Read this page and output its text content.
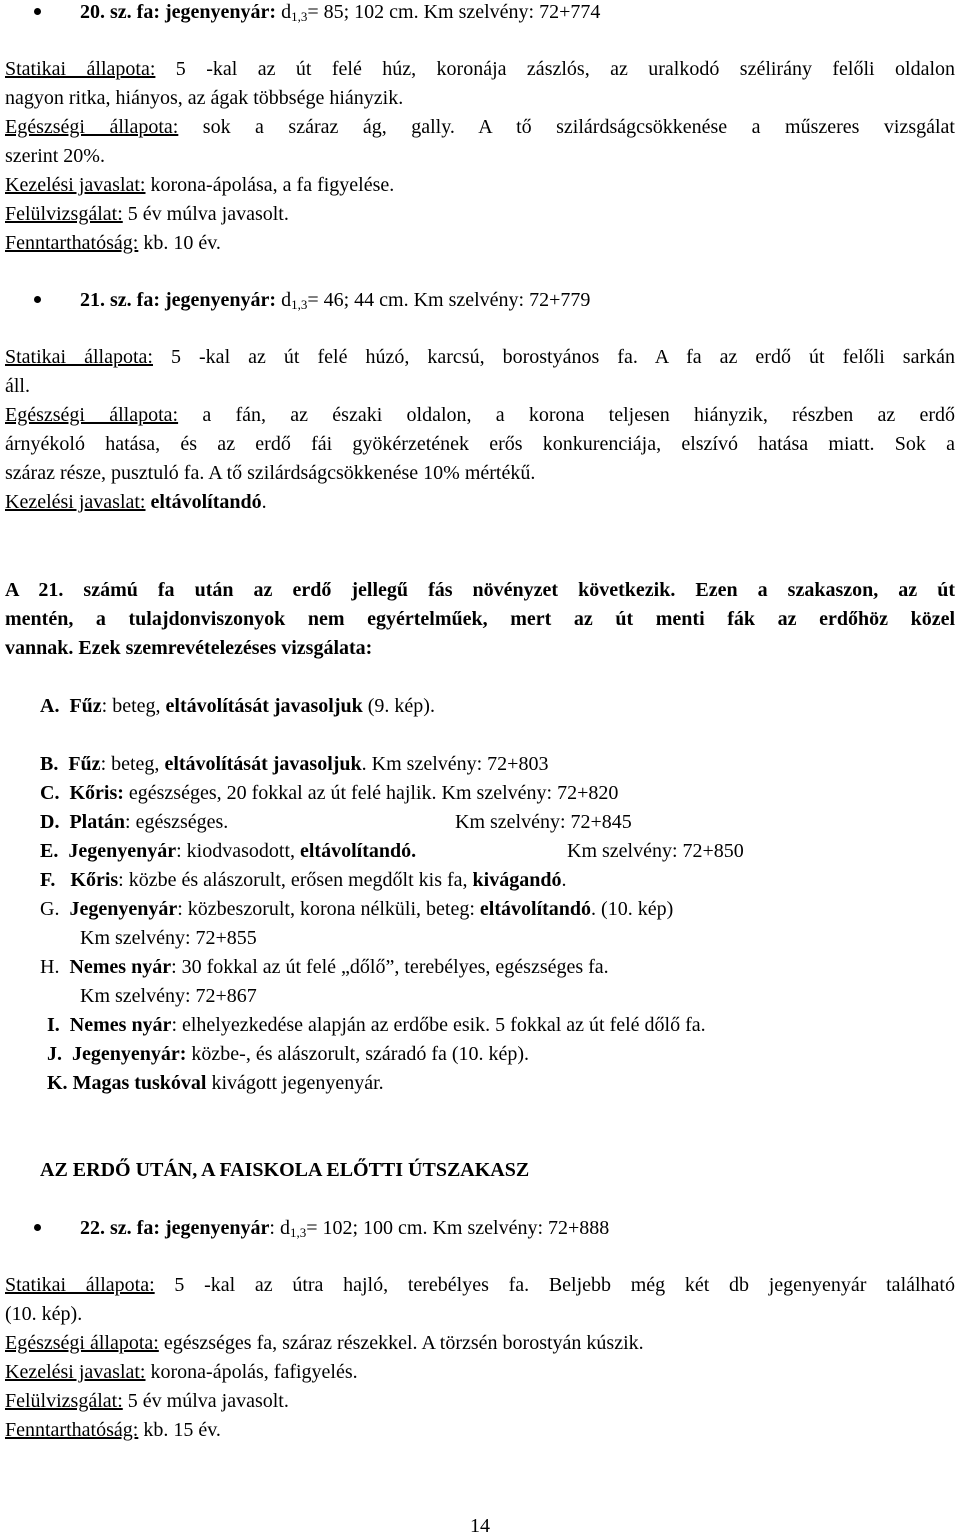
20. sz. fa: jegenyenyár: $d_{1,3}= 85$; 102 cm. Km szelvény: 72+774
Statikai állapota: 5 -kal az út felé húz, koronája zászlós, az uralkodó szélirány felőli oldalon
nagyon ritka, hiányos, az ágak többsége hiányzik.
Egészségi állapota: sok a száraz ág, gally. A tő szilárdságcsökkenése a műszeres vizsgálat
szerint 20%.
Kezelési javaslat: korona-ápolása, a fa figyelése.
Felülvizsgálat: 5 év múlva javasolt.
Fenntarthatóság: kb. 10 év.
21. sz. fa: jegenyenyár: $d_{1,3}= 46$; 44 cm. Km szelvény: 72+779
Statikai állapota: 5 -kal az út felé húzó, karcsú, borostyános fa. A fa az erdő út felőli sarkán
áll.
Egészségi állapota: a fán, az északi oldalon, a korona teljesen hiányzik, részben az erdő
árnyékoló hatása, és az erdő fái gyökérzetének erős konkurenciája, elszívó hatása miatt. Sok a
száraz része, pusztuló fa. A tő szilárdságcsökkenése 10% mértékű.
Kezelési javaslat: eltávolítandó.
A 21. számú fa után az erdő jellegű fás növényzet következik. Ezen a szakaszon, az út
mentén, a tulajdonviszonyok nem egyértelműek, mert az út menti fák az erdőhöz közel
vannak. Ezek szemrevételezéses vizsgálata:
A. Fűz: beteg, eltávolítását javasoljuk (9. kép).
B. Fűz: beteg, eltávolítását javasoljuk. Km szelvény: 72+803
C. Kőris: egészséges, 20 fokkal az út felé hajlik. Km szelvény: 72+820
D. Platán: egészséges.	Km szelvény: 72+845
E. Jegenyenyár: kiodvasodott, eltávolítandó.	Km szelvény: 72+850
F. Kőris: közbe és alászorult, erősen megdőlt kis fa, kivágandó.
G. Jegenyenyár: közbeszorult, korona nélküli, beteg: eltávolítandó. (10. kép)
Km szelvény: 72+855
H. Nemes nyár: 30 fokkal az út felé „dőlő”, terebélyes, egészséges fa.
Km szelvény: 72+867
I. Nemes nyár: elhelyezkedése alapján az erdőbe esik. 5 fokkal az út felé dőlő fa.
J. Jegenyenyár: közbe-, és alászorult, száradó fa (10. kép).
K. Magas tuskóval kivágott jegenyenyár.
AZ ERDŐ UTÁN, A FAISKOLA ELŐTTI ÚTSZAKASZ
22. sz. fa: jegenyenyár: $d_{1,3}= 102$; 100 cm. Km szelvény: 72+888
Statikai állapota: 5 -kal az útra hajló, terebélyes fa. Beljebb még két db jegenyenyár található
(10. kép).
Egészségi állapota: egészséges fa, száraz részekkel. A törzsén borostyán kúszik.
Kezelési javaslat: korona-ápolás, fafigyelés.
Felülvizsgálat: 5 év múlva javasolt.
Fenntarthatóság: kb. 15 év.
14
